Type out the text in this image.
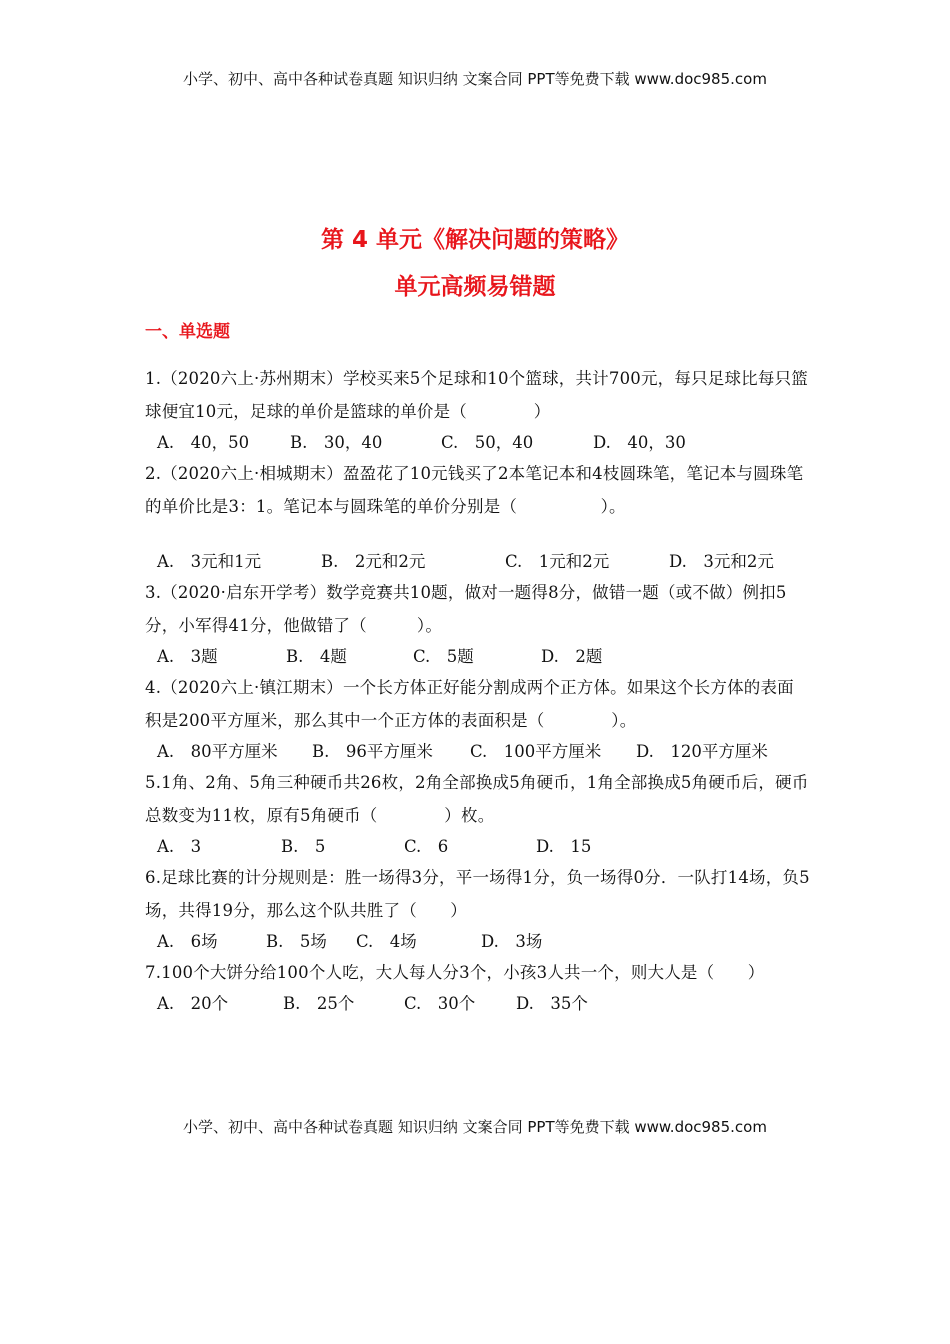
小学、初中、高中各种试卷真题 知识归纳 文案合同 PPT等免费下载 www.doc985.com
第 4 单元《解决问题的策略》
单元高频易错题
一、单选题

1.（2020六上·苏州期末）学校买来5个足球和10个篮球，共计700元，每只足球比每只篮球便宜10元，足球的单价是篮球的单价是（　　　　）

A.　40，50	B.　30，40	C.　50，40	D.　40，30

2.（2020六上·相城期末）盈盈花了10元钱买了2本笔记本和4枝圆珠笔，笔记本与圆珠笔的单价比是3：1。笔记本与圆珠笔的单价分别是（　　　　　）。

A.　3元和1元	B.　2元和2元	C.　1元和2元	D.　3元和2元

3.（2020·启东开学考）数学竞赛共10题，做对一题得8分，做错一题（或不做）例扣5分，小军得41分，他做错了（　　　）。

A.　3题	B.　4题	C.　5题	D.　2题

4.（2020六上·镇江期末）一个长方体正好能分割成两个正方体。如果这个长方体的表面积是200平方厘米，那么其中一个正方体的表面积是（　　　　）。

A.　80平方厘米	B.　96平方厘米	C.　100平方厘米	D.　120平方厘米

5.1角、2角、5角三种硬币共26枚，2角全部换成5角硬币，1角全部换成5角硬币后，硬币总数变为11枚，原有5角硬币（　　　　）枚。

A.　3	B.　5	C.　6	D.　15

6.足球比赛的计分规则是：胜一场得3分，平一场得1分，负一场得0分．一队打14场，负5场，共得19分，那么这个队共胜了（　　）

A.　6场	B.　5场	C.　4场	D.　3场

7.100个大饼分给100个人吃，大人每人分3个，小孩3人共一个，则大人是（　　）

A.　20个	B.　25个	C.　30个	D.　35个
小学、初中、高中各种试卷真题 知识归纳 文案合同 PPT等免费下载 www.doc985.com
